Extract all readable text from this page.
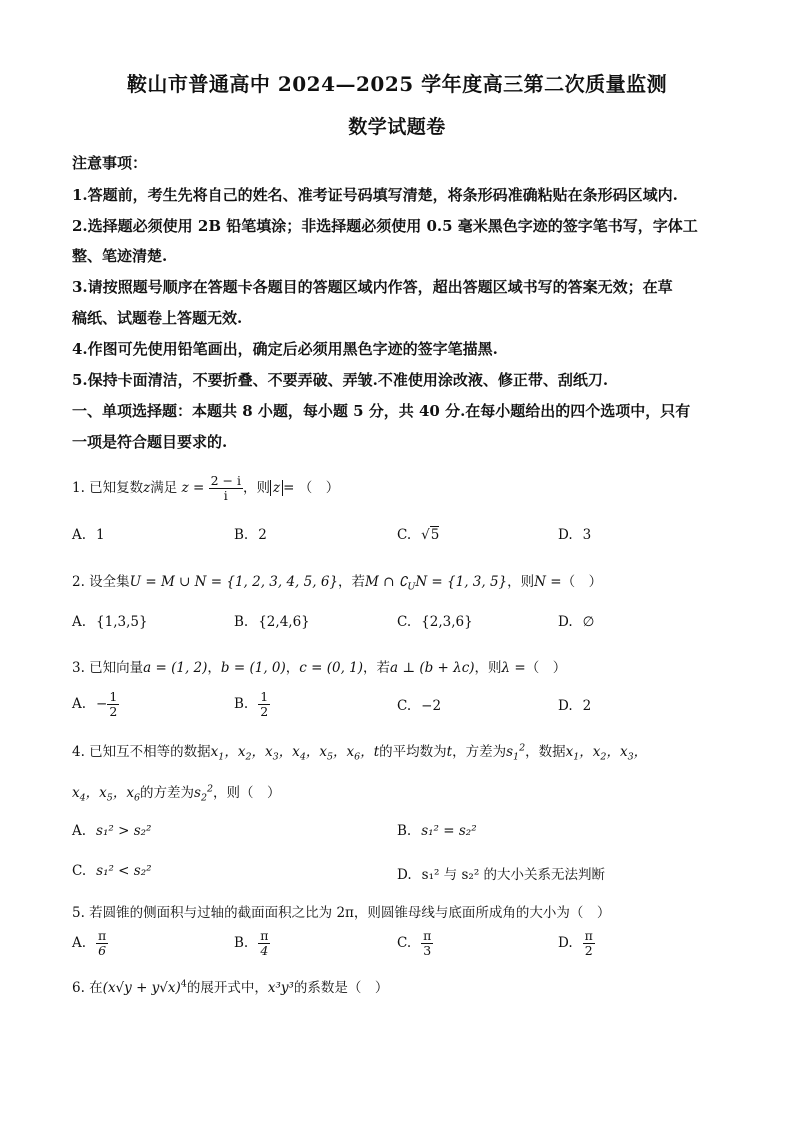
鞍山市普通高中 2024—2025 学年度高三第二次质量监测
数学试题卷
注意事项：
1.答题前，考生先将自己的姓名、准考证号码填写清楚，将条形码准确粘贴在条形码区域内.
2.选择题必须使用 2B 铅笔填涂；非选择题必须使用 0.5 毫米黑色字迹的签字笔书写，字体工
整、笔迹清楚.
3.请按照题号顺序在答题卡各题目的答题区域内作答，超出答题区域书写的答案无效；在草
稿纸、试题卷上答题无效.
4.作图可先使用铅笔画出，确定后必须用黑色字迹的签字笔描黑.
5.保持卡面清洁，不要折叠、不要弄破、弄皱.不准使用涂改液、修正带、刮纸刀.
一、单项选择题：本题共 8 小题，每小题 5 分，共 40 分.在每小题给出的四个选项中，只有
一项是符合题目要求的.
1. 已知复数z满足 $z = \frac{2 - i}{i}$ ，则 z = （　）
A. 1	B. 2	C. √5	D. 3
2. 设全集U = M ∪ N = {1, 2, 3, 4, 5, 6}，若M ∩ $∁_UN = \{1$, 3, 5}，则N =（　）
A. {1,3,5}	B. {2,4,6}	C. {2,3,6}	D. ∅
3. 已知向量a = (1, 2)，b = (1, 0)，c = (0, 1)，若a ⊥ (b + λc)，则λ =（　）
A. − $\frac{1}{2}$	B. $\frac{1}{2}$	C. −2	D. 2
4. 已知互不相等的数据$x_1$，$x_2$，$x_3$，$x_4$，$x_5$，$x_6$，t的平均数为t，方差为$s_1^2$，数据$x_1$，$x_2$，$x_3$，
$x_4$，$x_5$，$x_6$的方差为$s_2^2$，则（　）
A. s₁² > s₂²	B. s₁² = s₂²
C. s₁² < s₂²	D. s₁² 与 s₂² 的大小关系无法判断
5. 若圆锥的侧面积与过轴的截面面积之比为 2π，则圆锥母线与底面所成角的大小为（　）
A. $\frac{\pi}{6}$	B. $\frac{\pi}{4}$	C. $\frac{\pi}{3}$	D. $\frac{\pi}{2}$
6. 在$(x√y + y√x)^4$的展开式中，x³y³的系数是（　）
